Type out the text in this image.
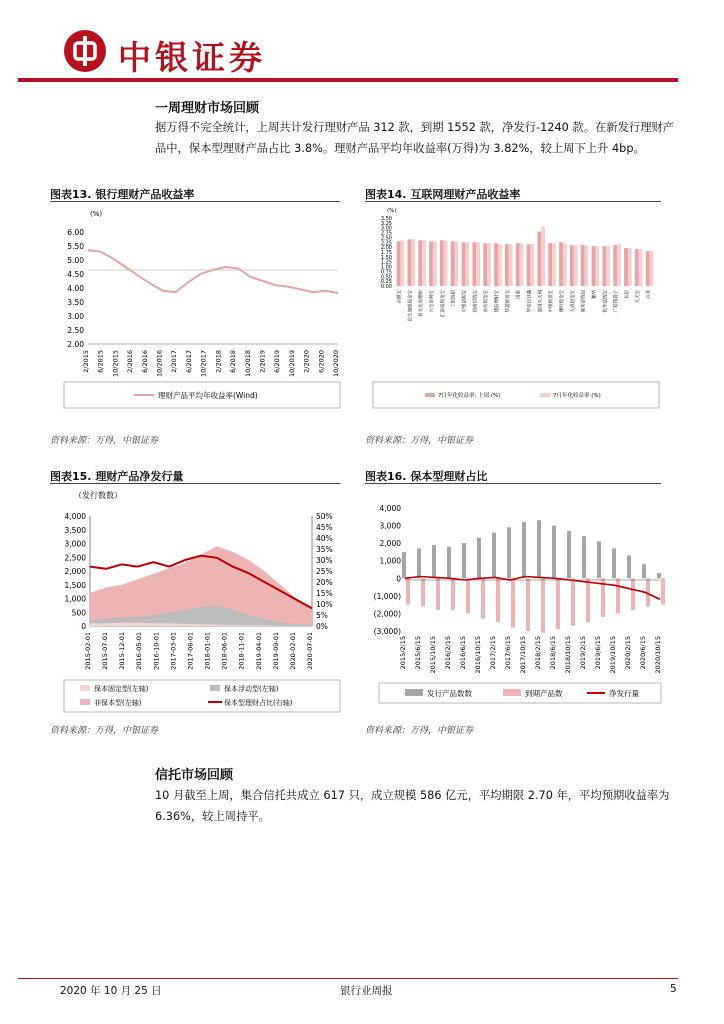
中银证券
一周理财市场回顾
据万得不完全统计，上周共计发行理财产品 312 款，到期 1552 款，净发行-1240 款。在新发行理财产
品中，保本型理财产品占比 3.8%。理财产品平均年收益率(万得)为 3.82%，较上周下上升 4bp。
图表13. 银行理财产品收益率
(%)
6.00
5.50
5.00
4.50
4.00
3.50
3.00
2.50
2.00
2/2015 6/2015 10/2015 2/2016 6/2016 10/2016 2/2017 6/2017 10/2017 2/2018 6/2018 10/2018 2/2019 6/2019 10/2019 2/2020 6/2020 10/2020
理财产品平均年收益率(Wind)
资料来源：万得，中银证券
图表14. 互联网理财产品收益率
(%)
3.50
3.25
3.00
2.75
2.50
2.25
2.00
1.75
1.50
1.25
1.00
0.75
0.50
0.25
0.00
余额宝	民生加银现金宝	易方达易理财	兴全添利宝	汇添富现金宝	工银瑞信	中银活期宝	招商招钱宝	南方现金宝	建信理财宝	华夏财富宝	国泰	华安日日鑫	富国天天利	中银财富宝	博时现金宝	大成现金宝	嘉实活钱包	鹏华	银华活钱宝	广发钱袋子	长信	天天宝	兴业
7日年化收益率: 上周 (%)	7日年化收益率 (%)
资料来源：万得，中银证券
图表15. 理财产品净发行量
（发行数数）
4,000
3,500
3,000
2,500
2,000
1,500
1,000
500
0
50%
45%
40%
35%
30%
25%
20%
15%
10%
5%
0%
2015-02-01 2015-07-01 2015-12-01 2016-05-01 2016-10-01 2017-03-01 2017-08-01 2018-01-01 2018-06-01 2018-11-01 2019-04-01 2019-09-01 2020-02-01 2020-07-01
保本固定型(左轴)	保本浮动型(左轴)
非保本型(左轴)	保本型理财占比(右轴)
资料来源：万得，中银证券
图表16. 保本型理财占比
4,000
3,000
2,000
1,000
0
(1,000)
(2,000)
(3,000)
2015/2/15 2015/6/15 2015/10/15 2016/2/15 2016/6/15 2016/10/15 2017/2/15 2017/6/15 2017/10/15 2018/2/15 2018/6/15 2018/10/15 2019/2/15 2019/6/15 2019/10/15 2020/2/15 2020/6/15 2020/10/15
发行产品数数	到期产品数	净发行量
资料来源：万得，中银证券
信托市场回顾
10 月截至上周，集合信托共成立 617 只，成立规模 586 亿元，平均期限 2.70 年，平均预期收益率为
6.36%，较上周持平。
2020 年 10 月 25 日	银行业周报	5
